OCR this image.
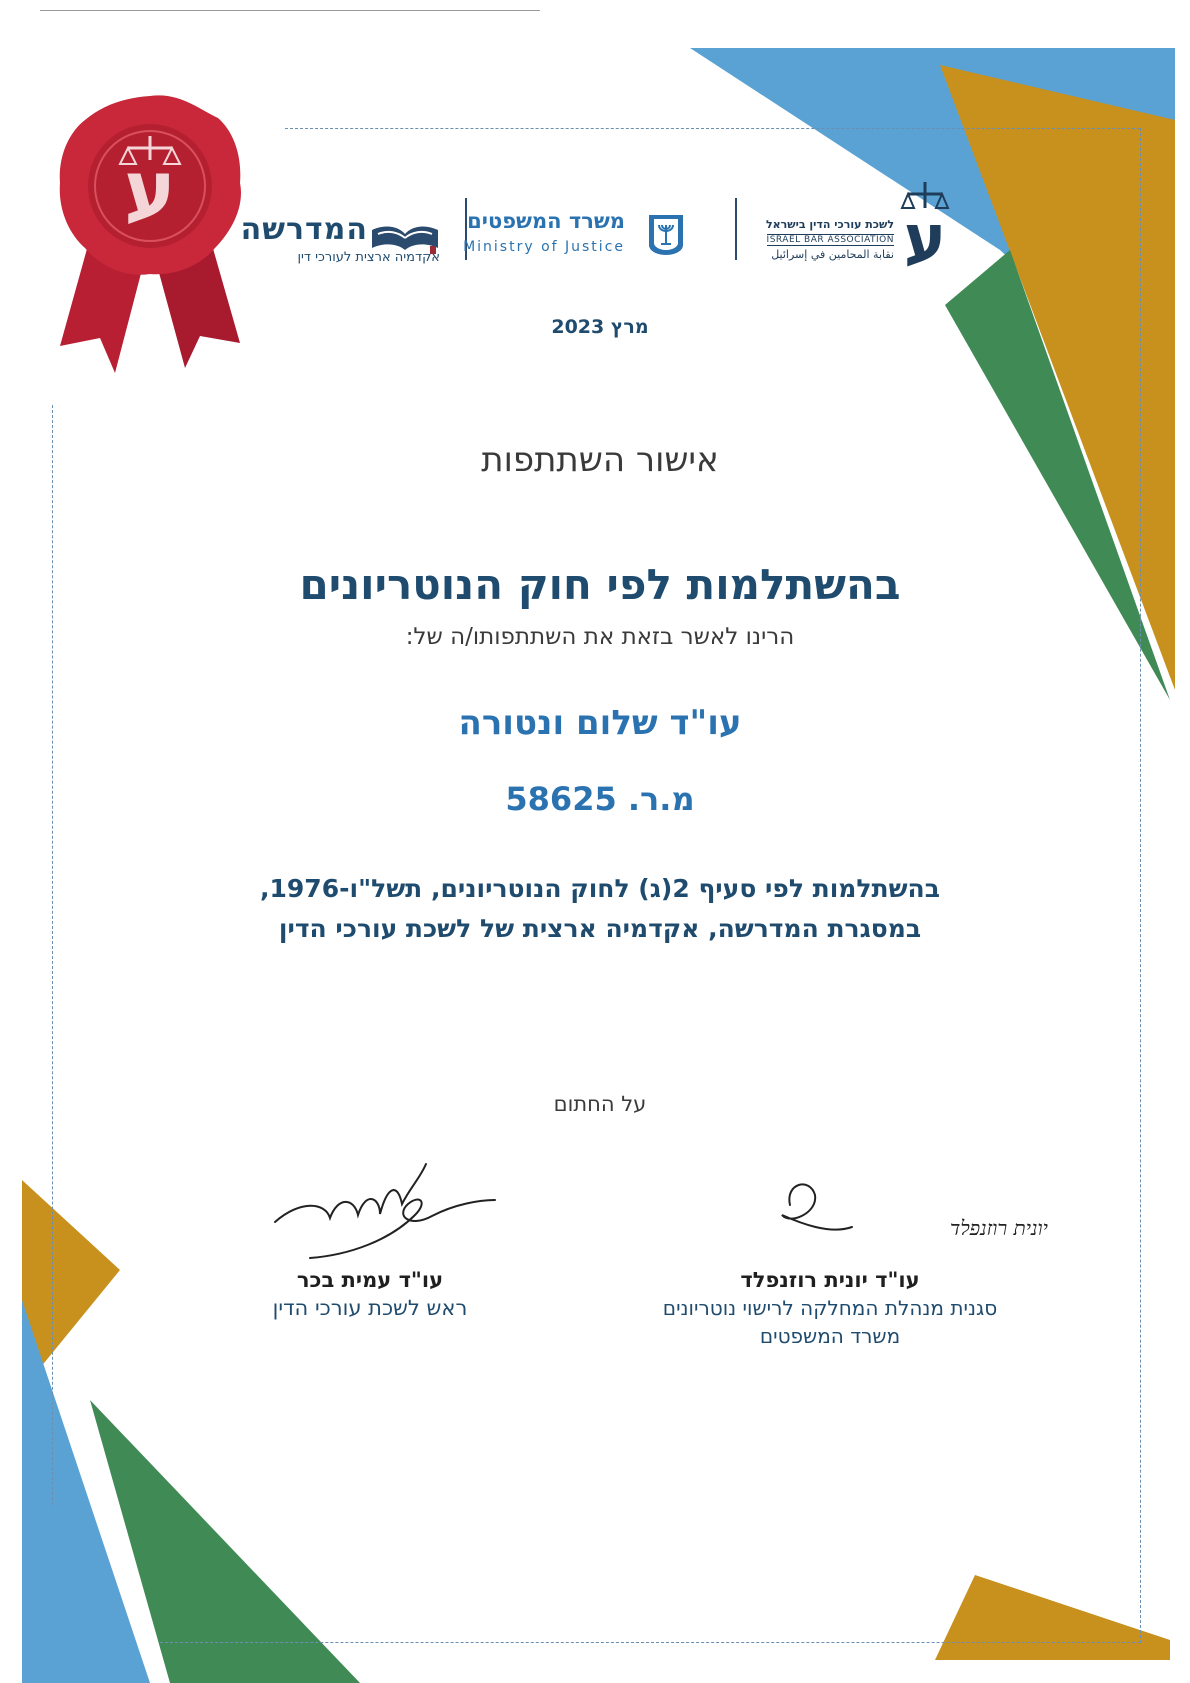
ע המדרשה
אקדמיה ארצית לעורכי דין
משרד המשפטים
Ministry of Justice	ע
לשכת עורכי הדין בישראל
ISRAEL BAR ASSOCIATION
نقابة المحامين في إسرائيل
מרץ 2023
אישור השתתפות
בהשתלמות לפי חוק הנוטריונים
הרינו לאשר בזאת את השתתפותו/ה של:
עו"ד שלום ונטורה
מ.ר. 58625
בהשתלמות לפי סעיף 2(ג) לחוק הנוטריונים, תשל"ו-1976,
במסגרת המדרשה, אקדמיה ארצית של לשכת עורכי הדין
על החתום
יונית רוזנפלד
עו"ד יונית רוזנפלד
סגנית מנהלת המחלקה לרישוי נוטריונים
משרד המשפטים
עו"ד עמית בכר
ראש לשכת עורכי הדין
